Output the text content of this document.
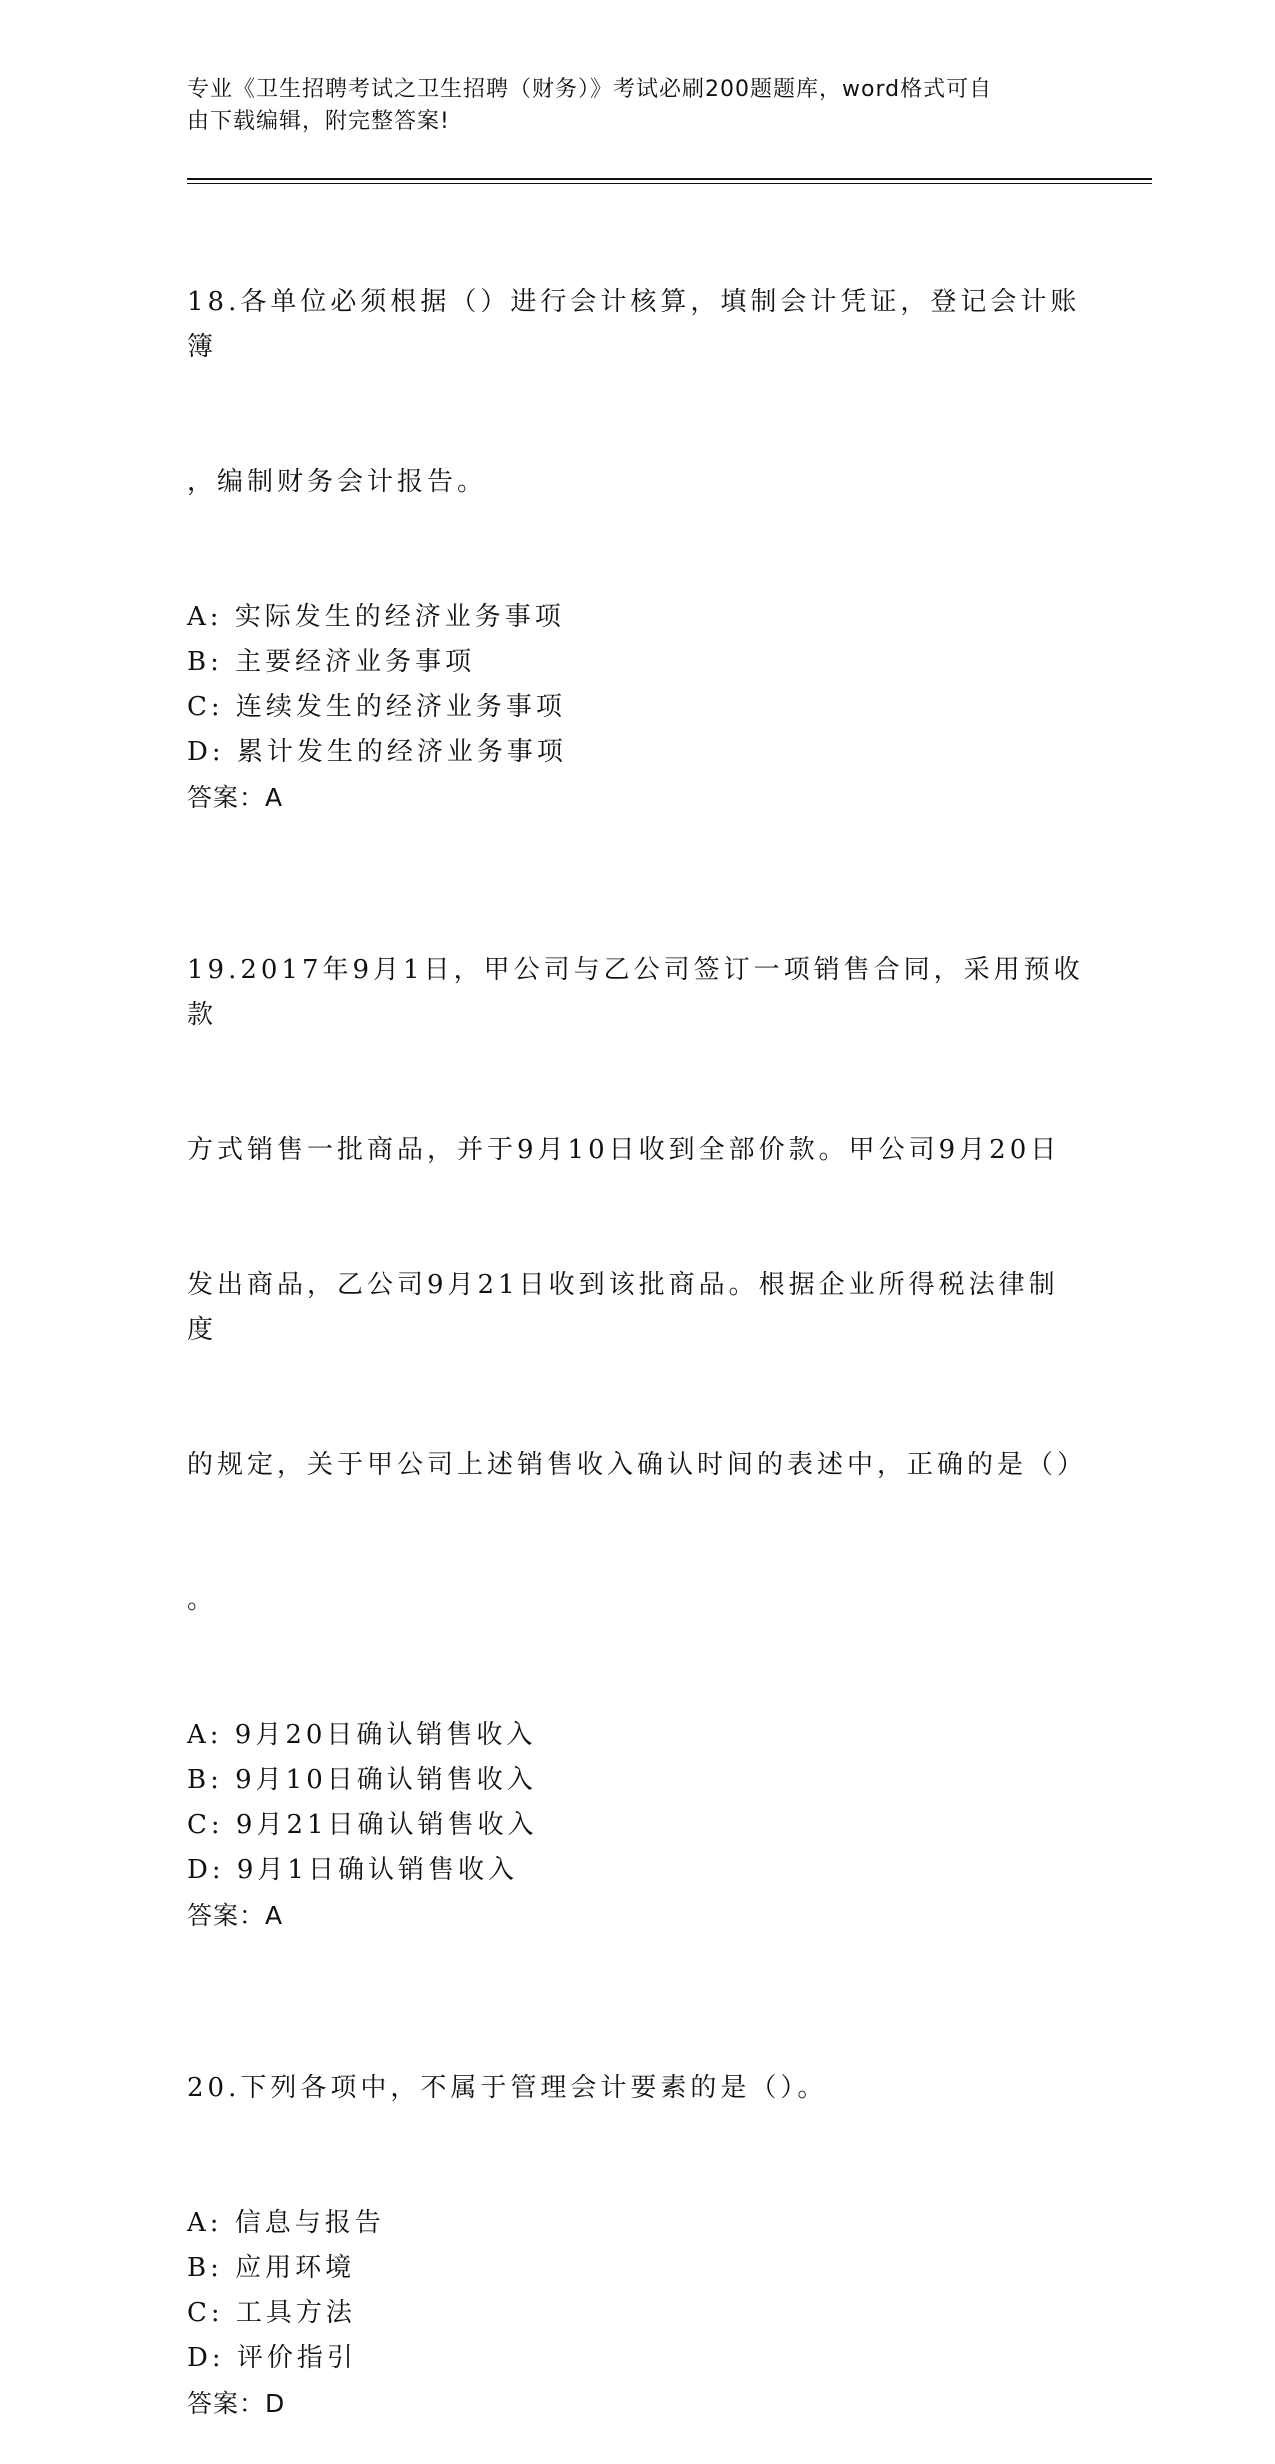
专业《卫生招聘考试之卫生招聘（财务）》考试必刷200题题库，word格式可自
由下载编辑，附完整答案!

18.各单位必须根据（）进行会计核算，填制会计凭证，登记会计账簿

，编制财务会计报告。

A: 实际发生的经济业务事项
B: 主要经济业务事项
C: 连续发生的经济业务事项
D: 累计发生的经济业务事项
答案：A

19.2017年9月1日，甲公司与乙公司签订一项销售合同，采用预收款

方式销售一批商品，并于9月10日收到全部价款。甲公司9月20日

发出商品，乙公司9月21日收到该批商品。根据企业所得税法律制度

的规定，关于甲公司上述销售收入确认时间的表述中，正确的是（）

。

A: 9月20日确认销售收入
B: 9月10日确认销售收入
C: 9月21日确认销售收入
D: 9月1日确认销售收入
答案：A

20.下列各项中，不属于管理会计要素的是（）。

A: 信息与报告
B: 应用环境
C: 工具方法
D: 评价指引
答案：D
